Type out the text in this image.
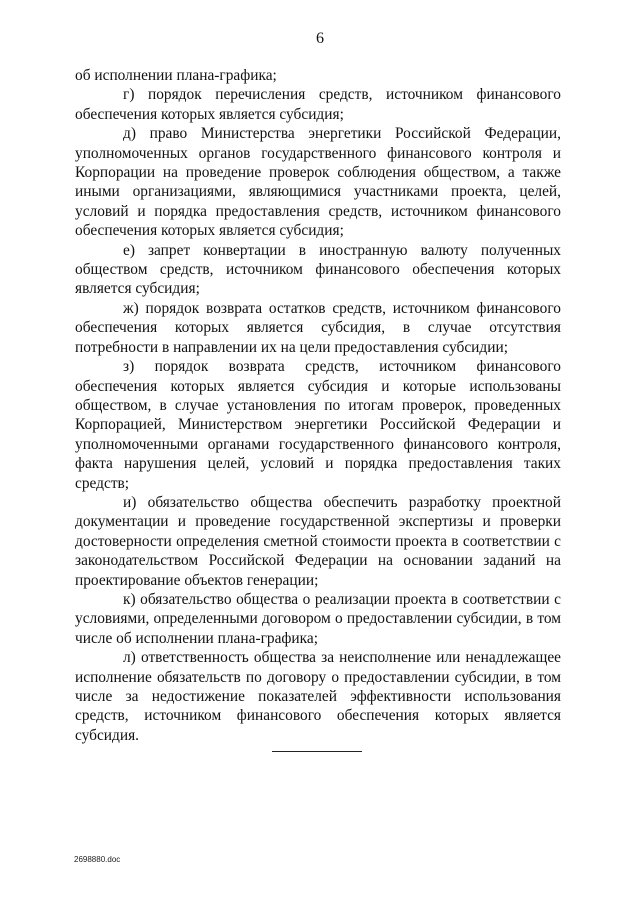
6

об исполнении плана-графика;

г) порядок перечисления средств, источником финансового обеспечения которых является субсидия;

д) право Министерства энергетики Российской Федерации, уполномоченных органов государственного финансового контроля и Корпорации на проведение проверок соблюдения обществом, а также иными организациями, являющимися участниками проекта, целей, условий и порядка предоставления средств, источником финансового обеспечения которых является субсидия;

е) запрет конвертации в иностранную валюту полученных обществом средств, источником финансового обеспечения которых является субсидия;

ж) порядок возврата остатков средств, источником финансового обеспечения которых является субсидия, в случае отсутствия потребности в направлении их на цели предоставления субсидии;

з) порядок возврата средств, источником финансового обеспечения которых является субсидия и которые использованы обществом, в случае установления по итогам проверок, проведенных Корпорацией, Министерством энергетики Российской Федерации и уполномоченными органами государственного финансового контроля, факта нарушения целей, условий и порядка предоставления таких средств;

и) обязательство общества обеспечить разработку проектной документации и проведение государственной экспертизы и проверки достоверности определения сметной стоимости проекта в соответствии с законодательством Российской Федерации на основании заданий на проектирование объектов генерации;

к) обязательство общества о реализации проекта в соответствии с условиями, определенными договором о предоставлении субсидии, в том числе об исполнении плана-графика;

л) ответственность общества за неисполнение или ненадлежащее исполнение обязательств по договору о предоставлении субсидии, в том числе за недостижение показателей эффективности использования средств, источником финансового обеспечения которых является субсидия.

2698880.doc
